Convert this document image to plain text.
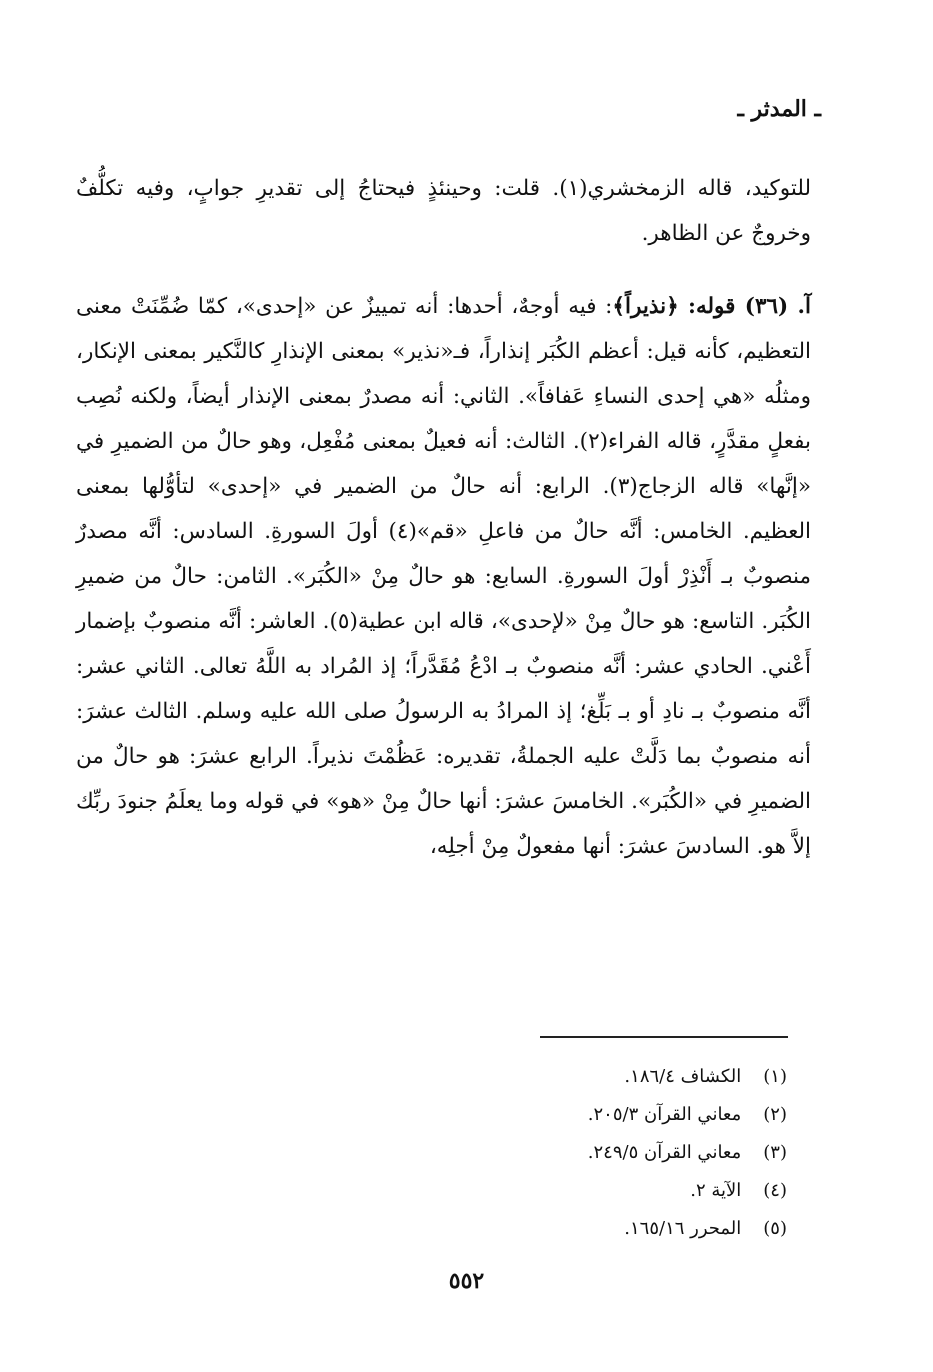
ـ المدثر ـ

للتوكيد، قاله الزمخشري(١). قلت: وحينئذٍ فيحتاجُ إلى تقديرِ جوابٍ، وفيه تكلُّفٌ وخروجٌ عن الظاهر.

آ. (٣٦) قوله: ﴿نذيراً﴾: فيه أوجهٌ، أحدها: أنه تمييزٌ عن «إحدى»، كمّا ضُمِّنَتْ معنى التعظيم، كأنه قيل: أعظم الكُبَر إنذاراً، فـ«نذير» بمعنى الإنذارِ كالنَّكير بمعنى الإنكار، ومثلُه «هي إحدى النساءِ عَفافاً». الثاني: أنه مصدرٌ بمعنى الإنذار أيضاً، ولكنه نُصِب بفعلٍ مقدَّرٍ، قاله الفراء(٢). الثالث: أنه فعيلٌ بمعنى مُفْعِل، وهو حالٌ من الضميرِ في «إنَّها» قاله الزجاج(٣). الرابع: أنه حالٌ من الضمير في «إحدى» لتأوُّلها بمعنى العظيم. الخامس: أنَّه حالٌ من فاعلِ «قم»(٤) أولَ السورةِ. السادس: أنَّه مصدرٌ منصوبٌ بـ أَنْذِرْ أولَ السورةِ. السابع: هو حالٌ مِنْ «الكُبَر». الثامن: حالٌ من ضميرِ الكُبَر. التاسع: هو حالٌ مِنْ «لإحدى»، قاله ابن عطية(٥). العاشر: أنَّه منصوبٌ بإضمار أَعْني. الحادي عشر: أنَّه منصوبٌ بـ ادْعُ مُقَدَّراً؛ إذ المُراد به اللَّهُ تعالى. الثاني عشر: أنَّه منصوبٌ بـ نادِ أو بـ بَلِّغ؛ إذ المرادُ به الرسولُ صلى الله عليه وسلم. الثالث عشرَ: أنه منصوبٌ بما دَلَّتْ عليه الجملةُ، تقديره: عَظُمْتَ نذيراً. الرابع عشرَ: هو حالٌ من الضميرِ في «الكُبَر». الخامسَ عشرَ: أنها حالٌ مِنْ «هو» في قوله وما يعلَمُ جنودَ ربِّك إلاَّ هو. السادسَ عشرَ: أنها مفعولٌ مِنْ أجلِه،

(١) الكشاف ١٨٦/٤.
(٢) معاني القرآن ٢٠٥/٣.
(٣) معاني القرآن ٢٤٩/٥.
(٤) الآية ٢.
(٥) المحرر ١٦٥/١٦.
٥٥٢
